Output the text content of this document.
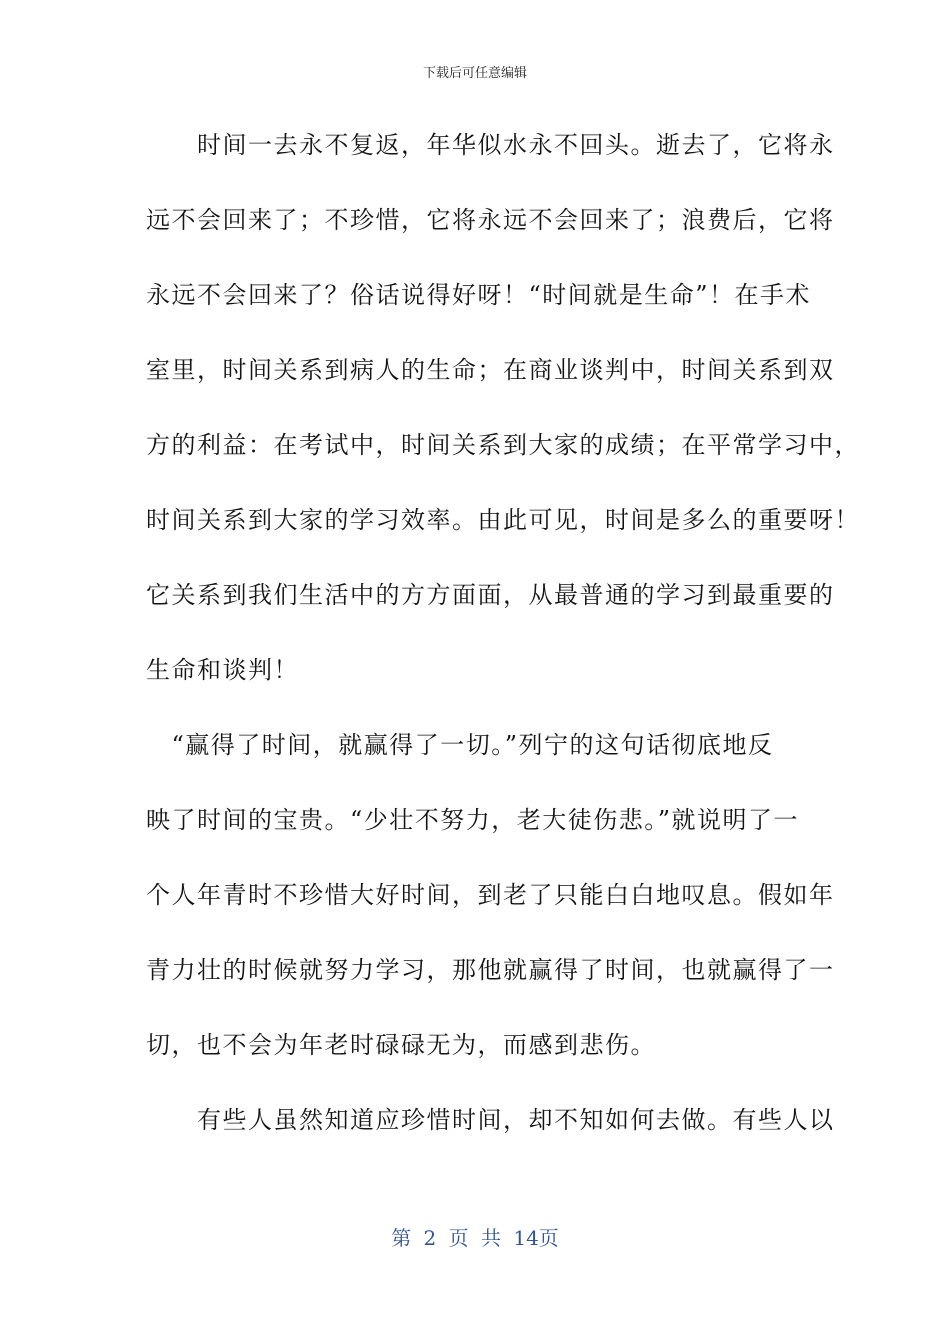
下载后可任意编辑

　　时间一去永不复返，年华似水永不回头。逝去了，它将永

远不会回来了；不珍惜，它将永远不会回来了；浪费后，它将

永远不会回来了？俗话说得好呀！“时间就是生命”！在手术

室里，时间关系到病人的生命；在商业谈判中，时间关系到双

方的利益：在考试中，时间关系到大家的成绩；在平常学习中，

时间关系到大家的学习效率。由此可见，时间是多么的重要呀！

它关系到我们生活中的方方面面，从最普通的学习到最重要的

生命和谈判！

　“赢得了时间，就赢得了一切。”列宁的这句话彻底地反

映了时间的宝贵。“少壮不努力，老大徒伤悲。”就说明了一

个人年青时不珍惜大好时间，到老了只能白白地叹息。假如年

青力壮的时候就努力学习，那他就赢得了时间，也就赢得了一

切，也不会为年老时碌碌无为，而感到悲伤。

　　有些人虽然知道应珍惜时间，却不知如何去做。有些人以

第 2 页 共 14页
